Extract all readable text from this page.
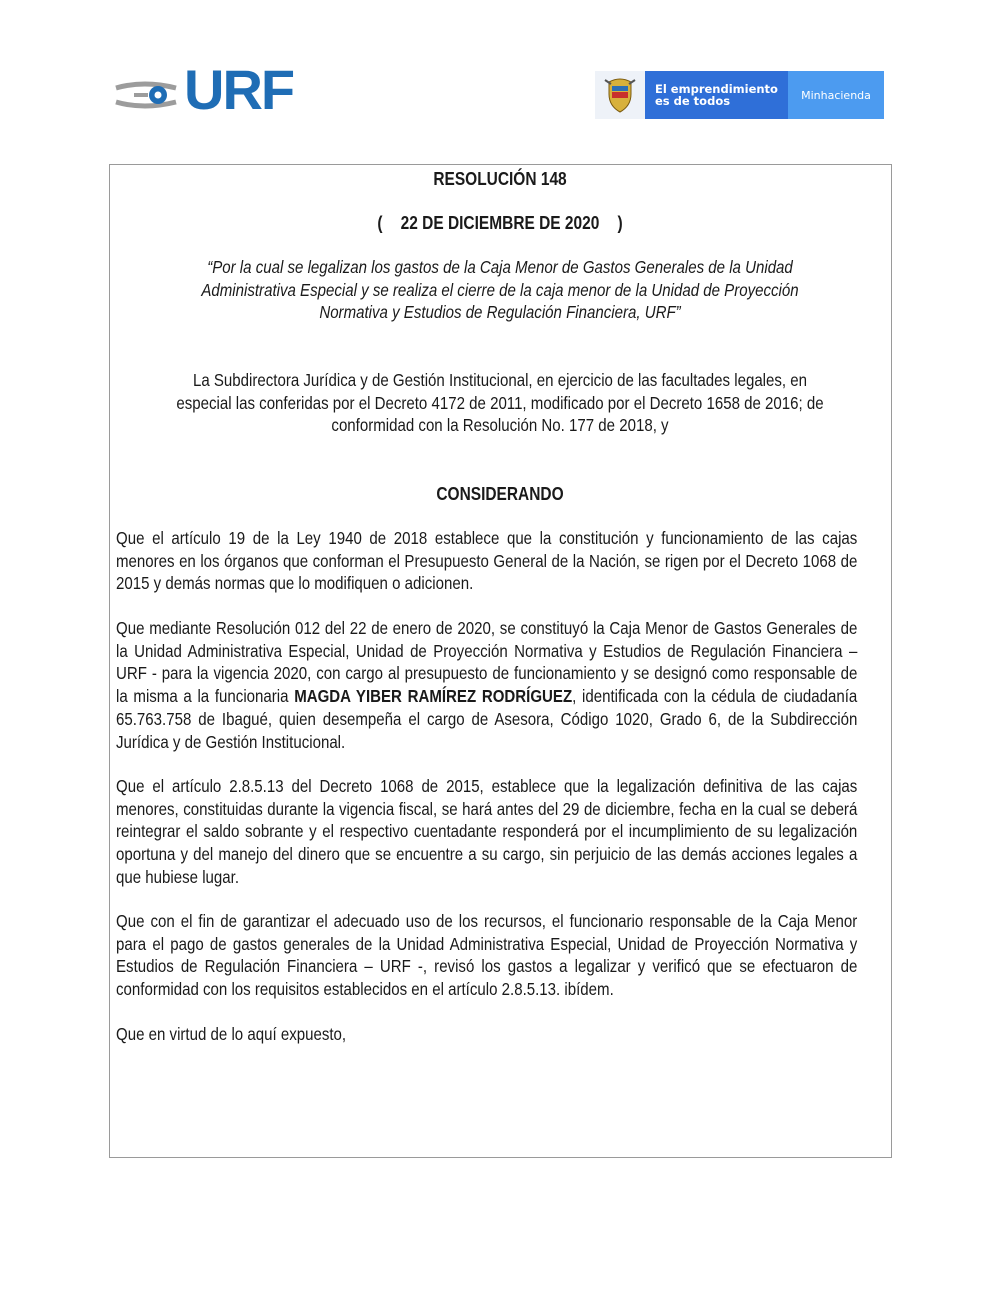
URF	El emprendimiento
es de todos	Minhacienda
RESOLUCIÓN 148
( 22 DE DICIEMBRE DE 2020 )
“Por la cual se legalizan los gastos de la Caja Menor de Gastos Generales de la Unidad Administrativa Especial y se realiza el cierre de la caja menor de la Unidad de Proyección Normativa y Estudios de Regulación Financiera, URF”
La Subdirectora Jurídica y de Gestión Institucional, en ejercicio de las facultades legales, en especial las conferidas por el Decreto 4172 de 2011, modificado por el Decreto 1658 de 2016; de conformidad con la Resolución No. 177 de 2018, y
CONSIDERANDO
Que el artículo 19 de la Ley 1940 de 2018 establece que la constitución y funcionamiento de las cajas menores en los órganos que conforman el Presupuesto General de la Nación, se rigen por el Decreto 1068 de 2015 y demás normas que lo modifiquen o adicionen.
Que mediante Resolución 012 del 22 de enero de 2020, se constituyó la Caja Menor de Gastos Generales de la Unidad Administrativa Especial, Unidad de Proyección Normativa y Estudios de Regulación Financiera – URF - para la vigencia 2020, con cargo al presupuesto de funcionamiento y se designó como responsable de la misma a la funcionaria MAGDA YIBER RAMÍREZ RODRÍGUEZ, identificada con la cédula de ciudadanía 65.763.758 de Ibagué, quien desempeña el cargo de Asesora, Código 1020, Grado 6, de la Subdirección Jurídica y de Gestión Institucional.
Que el artículo 2.8.5.13 del Decreto 1068 de 2015, establece que la legalización definitiva de las cajas menores, constituidas durante la vigencia fiscal, se hará antes del 29 de diciembre, fecha en la cual se deberá reintegrar el saldo sobrante y el respectivo cuentadante responderá por el incumplimiento de su legalización oportuna y del manejo del dinero que se encuentre a su cargo, sin perjuicio de las demás acciones legales a que hubiese lugar.
Que con el fin de garantizar el adecuado uso de los recursos, el funcionario responsable de la Caja Menor para el pago de gastos generales de la Unidad Administrativa Especial, Unidad de Proyección Normativa y Estudios de Regulación Financiera – URF -, revisó los gastos a legalizar y verificó que se efectuaron de conformidad con los requisitos establecidos en el artículo 2.8.5.13. ibídem.
Que en virtud de lo aquí expuesto,
